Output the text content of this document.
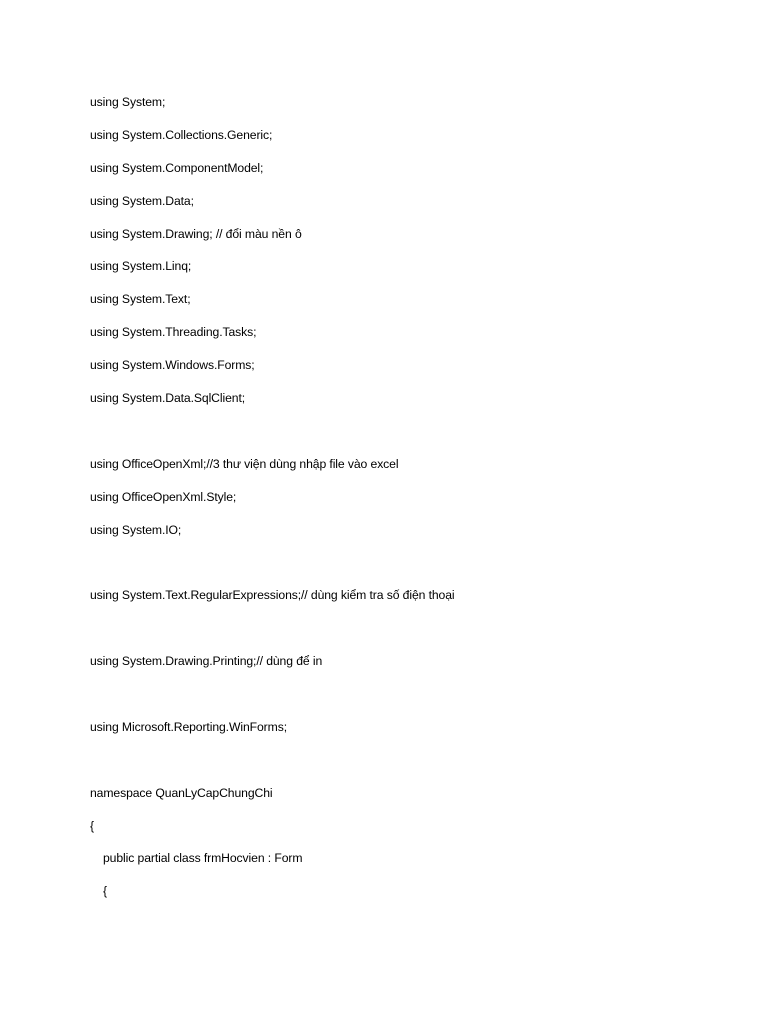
using System;
using System.Collections.Generic;
using System.ComponentModel;
using System.Data;
using System.Drawing; // đổi màu nền ô
using System.Linq;
using System.Text;
using System.Threading.Tasks;
using System.Windows.Forms;
using System.Data.SqlClient;
using OfficeOpenXml;//3 thư viện dùng nhập file vào excel
using OfficeOpenXml.Style;
using System.IO;
using System.Text.RegularExpressions;// dùng kiểm tra số điện thoại
using System.Drawing.Printing;// dùng để in
using Microsoft.Reporting.WinForms;
namespace QuanLyCapChungChi
{
public partial class frmHocvien : Form
{
